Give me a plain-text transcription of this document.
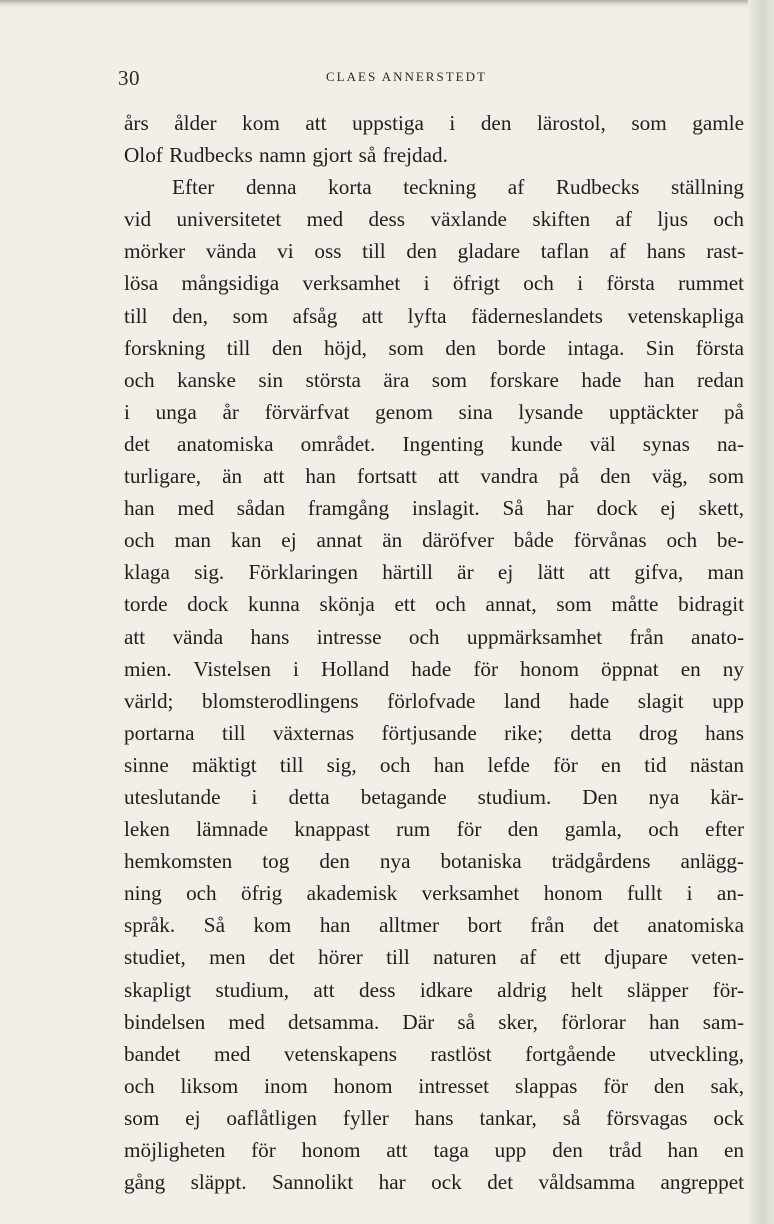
30	CLAES ANNERSTEDT
års ålder kom att uppstiga i den lärostol, som gamle
Olof Rudbecks namn gjort så frejdad.
Efter denna korta teckning af Rudbecks ställning
vid universitetet med dess växlande skiften af ljus och
mörker vända vi oss till den gladare taflan af hans rast-
lösa mångsidiga verksamhet i öfrigt och i första rummet
till den, som afsåg att lyfta fäderneslandets vetenskapliga
forskning till den höjd, som den borde intaga. Sin första
och kanske sin största ära som forskare hade han redan
i unga år förvärfvat genom sina lysande upptäckter på
det anatomiska området. Ingenting kunde väl synas na-
turligare, än att han fortsatt att vandra på den väg, som
han med sådan framgång inslagit. Så har dock ej skett,
och man kan ej annat än däröfver både förvånas och be-
klaga sig. Förklaringen härtill är ej lätt att gifva, man
torde dock kunna skönja ett och annat, som måtte bidragit
att vända hans intresse och uppmärksamhet från anato-
mien. Vistelsen i Holland hade för honom öppnat en ny
värld; blomsterodlingens förlofvade land hade slagit upp
portarna till växternas förtjusande rike; detta drog hans
sinne mäktigt till sig, och han lefde för en tid nästan
uteslutande i detta betagande studium. Den nya kär-
leken lämnade knappast rum för den gamla, och efter
hemkomsten tog den nya botaniska trädgårdens anlägg-
ning och öfrig akademisk verksamhet honom fullt i an-
språk. Så kom han alltmer bort från det anatomiska
studiet, men det hörer till naturen af ett djupare veten-
skapligt studium, att dess idkare aldrig helt släpper för-
bindelsen med detsamma. Där så sker, förlorar han sam-
bandet med vetenskapens rastlöst fortgående utveckling,
och liksom inom honom intresset slappas för den sak,
som ej oaflåtligen fyller hans tankar, så försvagas ock
möjligheten för honom att taga upp den tråd han en
gång släppt. Sannolikt har ock det våldsamma angreppet
